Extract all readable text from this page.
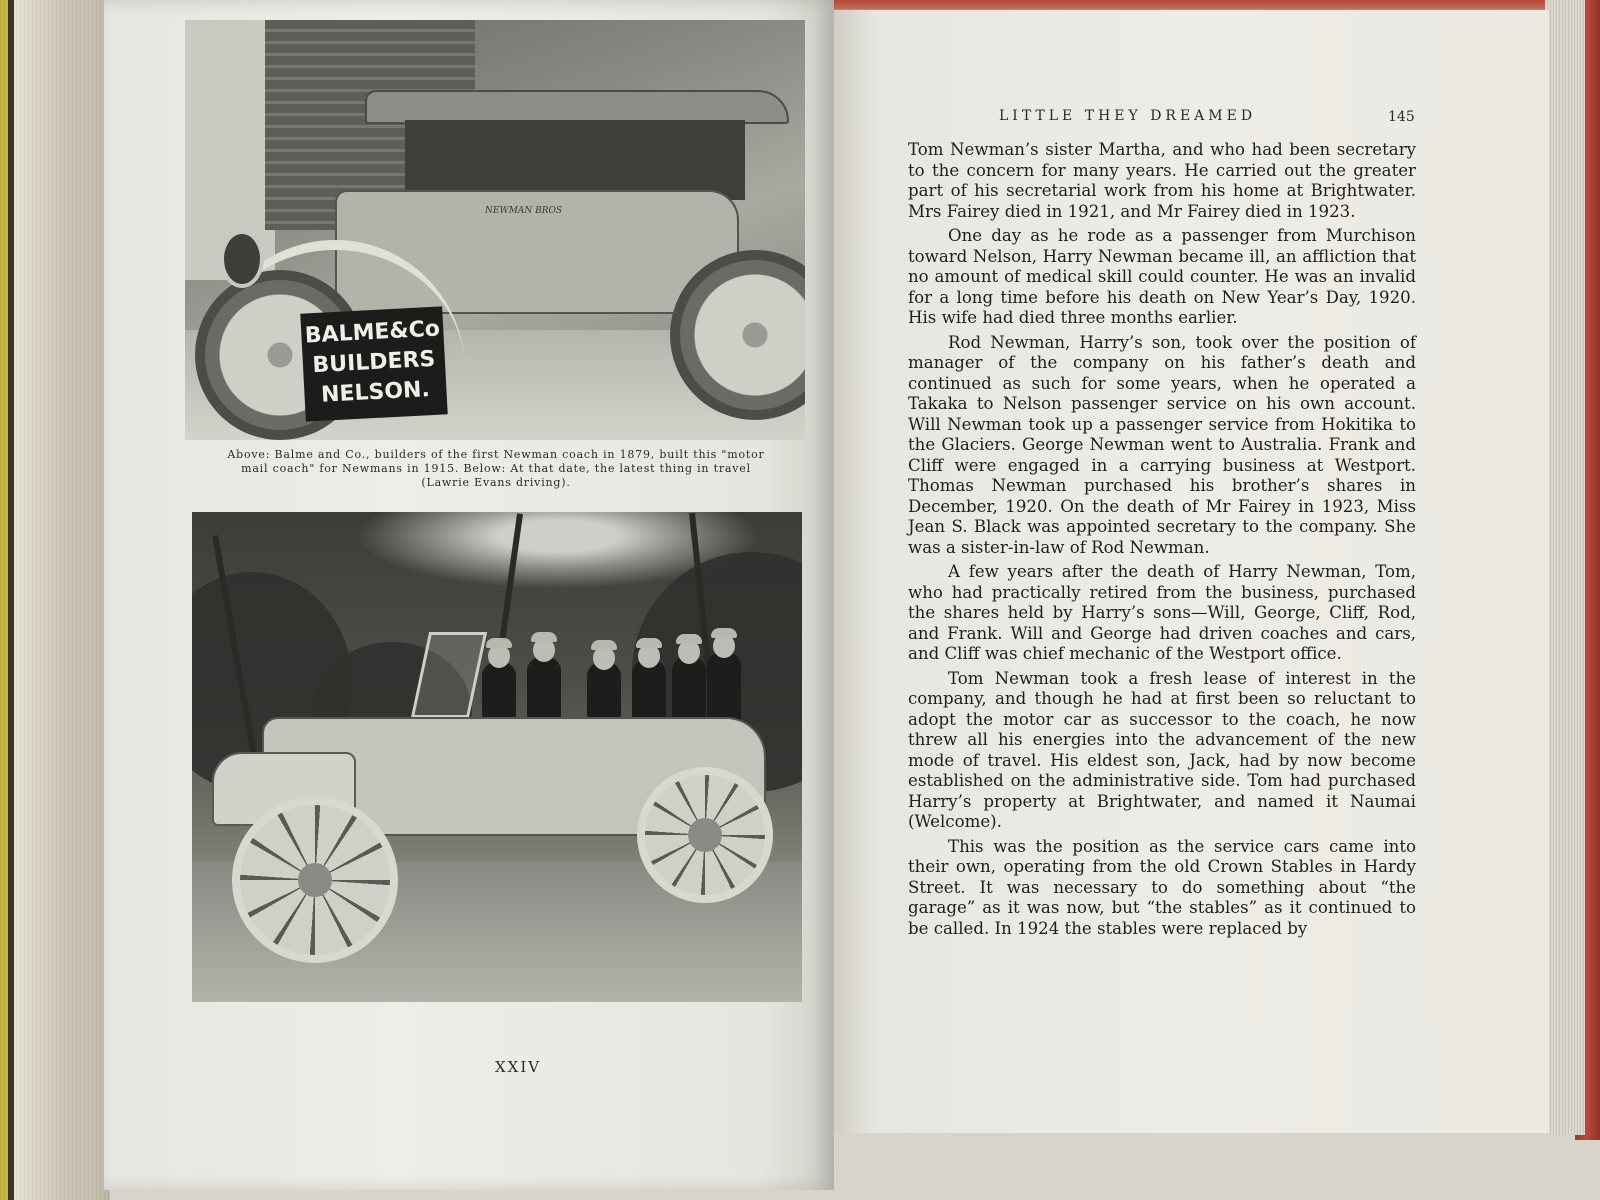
NEWMAN BROS
BALME&Co
BUILDERS
NELSON.
Above: Balme and Co., builders of the first Newman coach in 1879, built this "motor
mail coach" for Newmans in 1915. Below: At that date, the latest thing in travel
(Lawrie Evans driving).
XXIV
LITTLE THEY DREAMED	145

Tom Newman’s sister Martha, and who had been secretary to the concern for many years. He carried out the greater part of his secretarial work from his home at Brightwater. Mrs Fairey died in 1921, and Mr Fairey died in 1923.

One day as he rode as a passenger from Murchison toward Nelson, Harry Newman became ill, an affliction that no amount of medical skill could counter. He was an invalid for a long time before his death on New Year’s Day, 1920. His wife had died three months earlier.

Rod Newman, Harry’s son, took over the position of manager of the company on his father’s death and continued as such for some years, when he operated a Takaka to Nelson passenger service on his own account. Will Newman took up a passenger service from Hokitika to the Glaciers. George Newman went to Australia. Frank and Cliff were engaged in a carrying business at Westport. Thomas Newman purchased his brother’s shares in December, 1920. On the death of Mr Fairey in 1923, Miss Jean S. Black was appointed secretary to the company. She was a sister-in-law of Rod Newman.

A few years after the death of Harry Newman, Tom, who had practically retired from the business, purchased the shares held by Harry’s sons—Will, George, Cliff, Rod, and Frank. Will and George had driven coaches and cars, and Cliff was chief mechanic of the Westport office.

Tom Newman took a fresh lease of interest in the company, and though he had at first been so reluctant to adopt the motor car as successor to the coach, he now threw all his energies into the advancement of the new mode of travel. His eldest son, Jack, had by now become established on the administrative side. Tom had purchased Harry’s property at Brightwater, and named it Naumai (Welcome).

This was the position as the service cars came into their own, operating from the old Crown Stables in Hardy Street. It was necessary to do something about “the garage” as it was now, but “the stables” as it continued to be called. In 1924 the stables were replaced by
